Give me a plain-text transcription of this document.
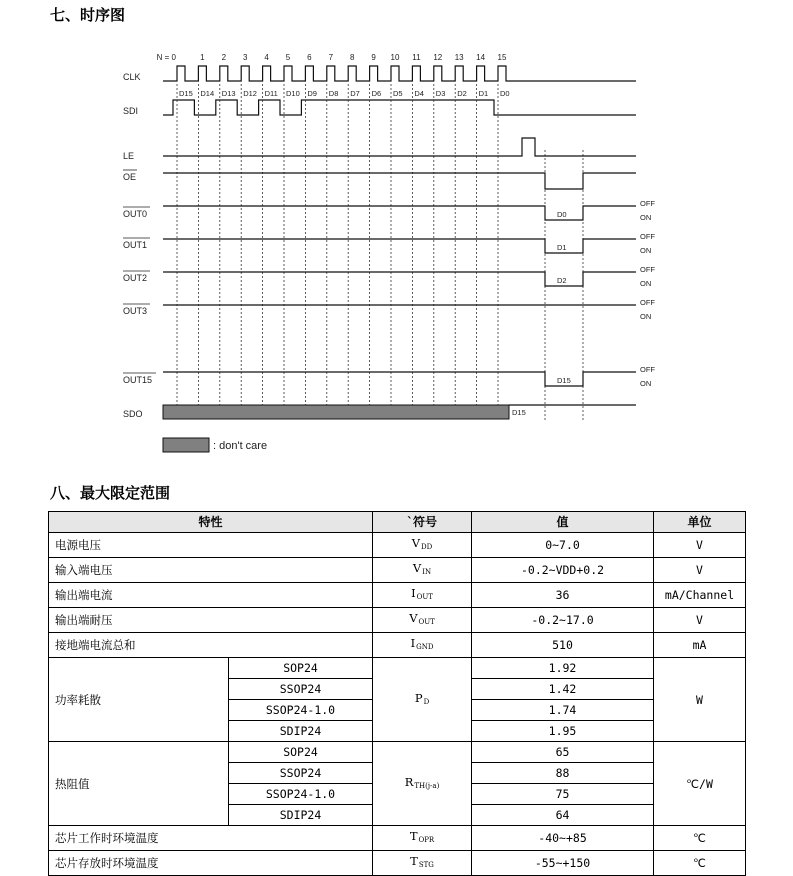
七、时序图
N = 0	1 2 3 4 5 6 7 8 9 10 11 12 13 14 15
CLK
SDI
LE
OE
OUT0
OUT1
OUT2
OUT3
OUT15
SDO
D15 D14 D13 D12 D11 D10 D9 D8 D7 D6 D5 D4 D3 D2 D1 D0
D0
OFF
ON
D1
OFF
ON
D2
OFF
ON
OFF
ON
D15
OFF
ON
D15
: don't care
八、最大限定范围
特性		`符号	值	单位
电源电压		$V_{DD}$	0~7.0	V
输入端电压		$V_{IN}$	-0.2~VDD+0.2	V
输出端电流		$I_{OUT}$	36	mA/Channel
输出端耐压		$V_{OUT}$	-0.2~17.0	V
接地端电流总和		$I_{GND}$	510	mA
功率耗散	SOP24	$P_D$	1.92	W
	SSOP24		1.42	
	SSOP24-1.0		1.74	
	SDIP24		1.95	
热阻值	SOP24	$R_{TH(j-a)}$	65	℃/W
	SSOP24		88	
	SSOP24-1.0		75	
	SDIP24		64	
芯片工作时环境温度		$T_{OPR}$	-40~+85	℃
芯片存放时环境温度		$T_{STG}$	-55~+150	℃
